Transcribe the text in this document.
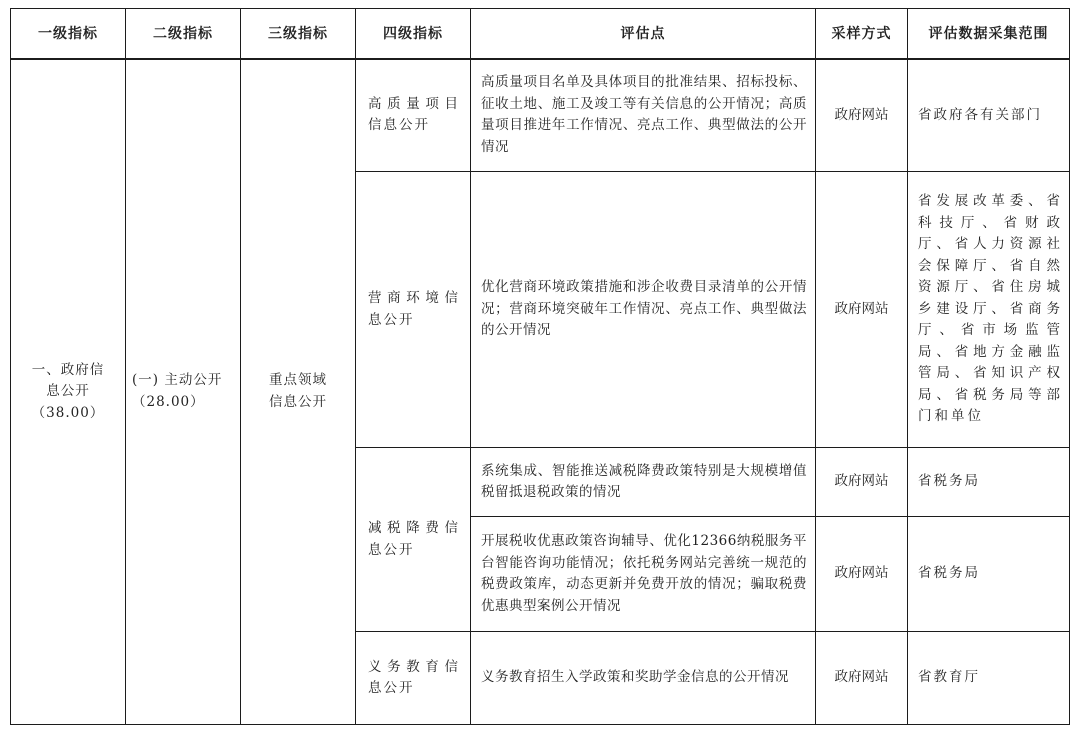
一级指标	二级指标	三级指标	四级指标	评估点	采样方式	评估数据采集范围
一、政府信息公开（38.00）	(一) 主动公开（28.00）	重点领域信息公开	高质量项目信息公开	高质量项目名单及具体项目的批准结果、招标投标、征收土地、施工及竣工等有关信息的公开情况；高质量项目推进年工作情况、亮点工作、典型做法的公开情况	政府网站	省政府各有关部门
			营商环境信息公开	优化营商环境政策措施和涉企收费目录清单的公开情况；营商环境突破年工作情况、亮点工作、典型做法的公开情况	政府网站	省发展改革委、省科技厅、省财政厅、省人力资源社会保障厅、省自然资源厅、省住房城乡建设厅、省商务厅、省市场监管局、省地方金融监管局、省知识产权局、省税务局等部门和单位
			减税降费信息公开	系统集成、智能推送减税降费政策特别是大规模增值税留抵退税政策的情况	政府网站	省税务局
				开展税收优惠政策咨询辅导、优化12366纳税服务平台智能咨询功能情况；依托税务网站完善统一规范的税费政策库，动态更新并免费开放的情况；骗取税费优惠典型案例公开情况	政府网站	省税务局
			义务教育信息公开	义务教育招生入学政策和奖助学金信息的公开情况	政府网站	省教育厅
